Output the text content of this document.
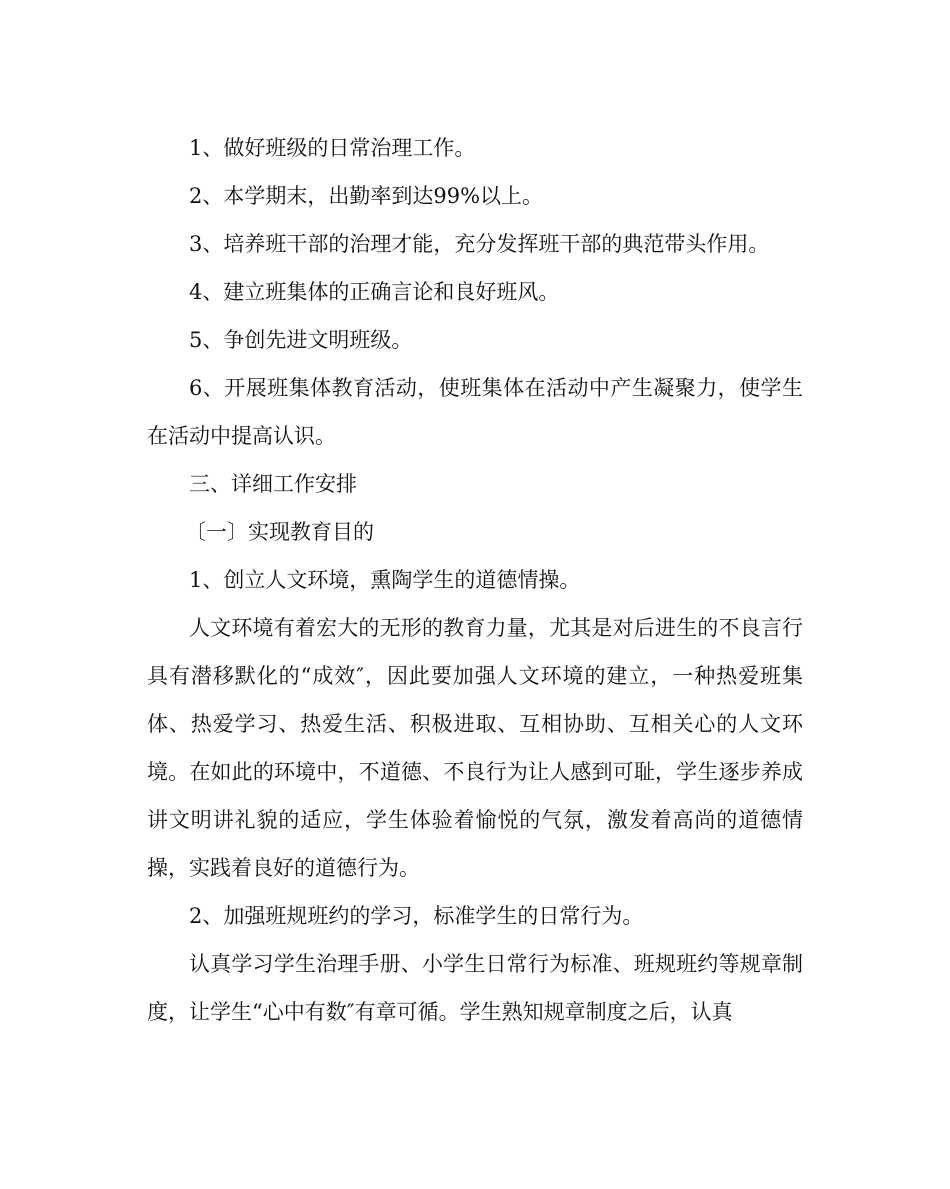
1、做好班级的日常治理工作。

2、本学期末，出勤率到达99%以上。

3、培养班干部的治理才能，充分发挥班干部的典范带头作用。

4、建立班集体的正确言论和良好班风。

5、争创先进文明班级。

6、开展班集体教育活动，使班集体在活动中产生凝聚力，使学生在活动中提高认识。

三、详细工作安排

〔一〕实现教育目的

1、创立人文环境，熏陶学生的道德情操。

人文环境有着宏大的无形的教育力量，尤其是对后进生的不良言行具有潜移默化的“成效″，因此要加强人文环境的建立，一种热爱班集体、热爱学习、热爱生活、积极进取、互相协助、互相关心的人文环境。在如此的环境中，不道德、不良行为让人感到可耻，学生逐步养成讲文明讲礼貌的适应，学生体验着愉悦的气氛，激发着高尚的道德情操，实践着良好的道德行为。

2、加强班规班约的学习，标准学生的日常行为。

认真学习学生治理手册、小学生日常行为标准、班规班约等规章制度，让学生“心中有数″有章可循。学生熟知规章制度之后，认真
